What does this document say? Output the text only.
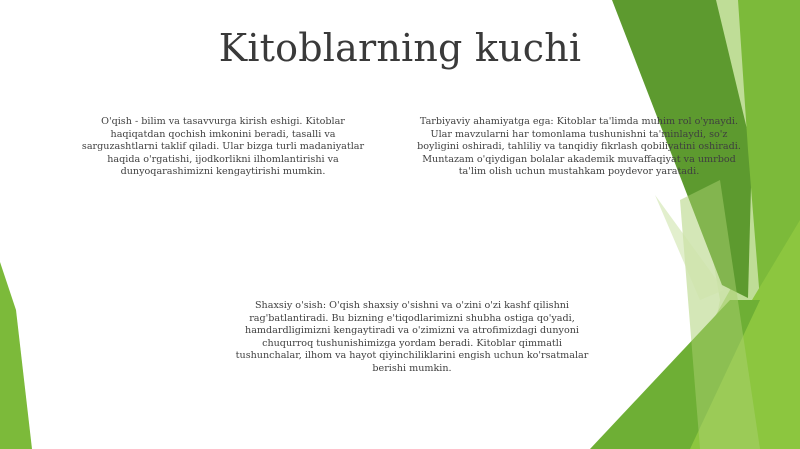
Kitoblarning kuchi

O'qish - bilim va tasavvurga kirish eshigi. Kitoblar haqiqatdan qochish imkonini beradi, tasalli va sarguzashtlarni taklif qiladi. Ular bizga turli madaniyatlar haqida o'rgatishi, ijodkorlikni ilhomlantirishi va dunyoqarashimizni kengaytirishi mumkin.

Tarbiyaviy ahamiyatga ega: Kitoblar ta'limda muhim rol o'ynaydi. Ular mavzularni har tomonlama tushunishni ta'minlaydi, so'z boyligini oshiradi, tahliliy va tanqidiy fikrlash qobiliyatini oshiradi. Muntazam o'qiydigan bolalar akademik muvaffaqiyat va umrbod ta'lim olish uchun mustahkam poydevor yaratadi.

Shaxsiy o'sish: O'qish shaxsiy o'sishni va o'zini o'zi kashf qilishni rag'batlantiradi. Bu bizning e'tiqodlarimizni shubha ostiga qo'yadi, hamdardligimizni kengaytiradi va o'zimizni va atrofimizdagi dunyoni chuqurroq tushunishimizga yordam beradi. Kitoblar qimmatli tushunchalar, ilhom va hayot qiyinchiliklarini engish uchun ko'rsatmalar berishi mumkin.
